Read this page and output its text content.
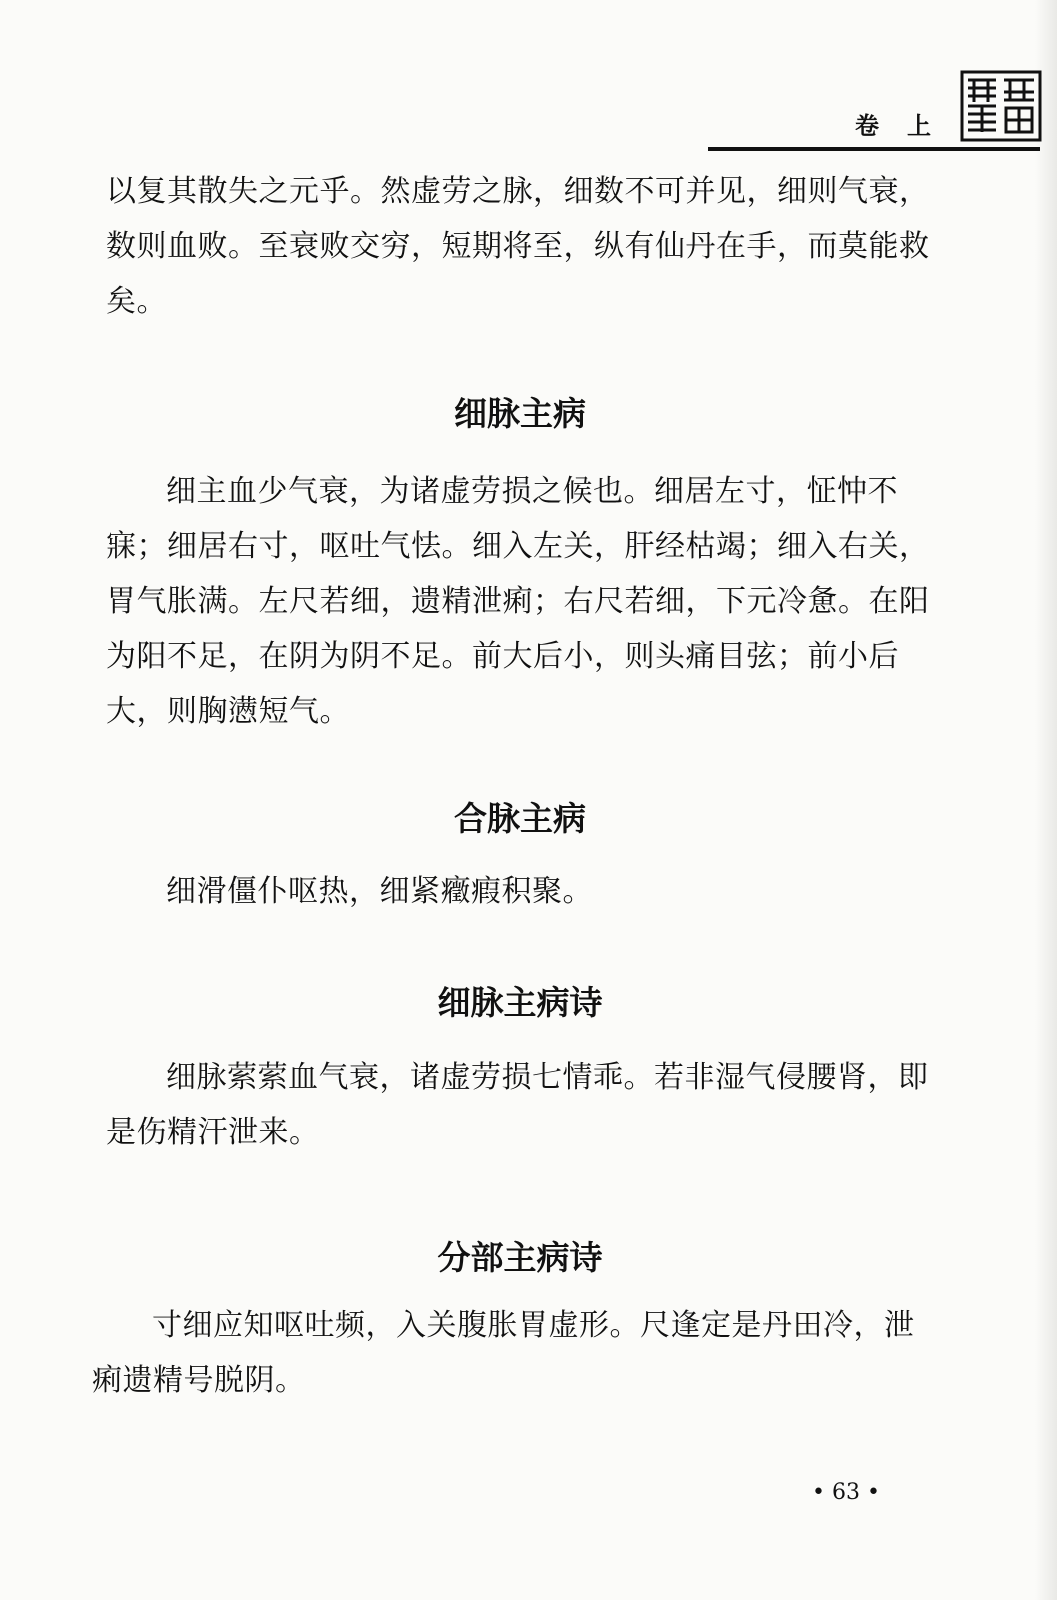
卷上

以复其散失之元乎。然虚劳之脉，细数不可并见，细则气衰，数则血败。至衰败交穷，短期将至，纵有仙丹在手，而莫能救矣。

细脉主病

细主血少气衰，为诸虚劳损之候也。细居左寸，怔忡不寐；细居右寸，呕吐气怯。细入左关，肝经枯竭；细入右关，胃气胀满。左尺若细，遗精泄痢；右尺若细，下元冷惫。在阳为阳不足，在阴为阴不足。前大后小，则头痛目弦；前小后大，则胸懑短气。

合脉主病

细滑僵仆呕热，细紧癥瘕积聚。

细脉主病诗

细脉萦萦血气衰，诸虚劳损七情乖。若非湿气侵腰肾，即是伤精汗泄来。

分部主病诗

寸细应知呕吐频，入关腹胀胃虚形。尺逢定是丹田冷，泄痢遗精号脱阴。

• 63 •
